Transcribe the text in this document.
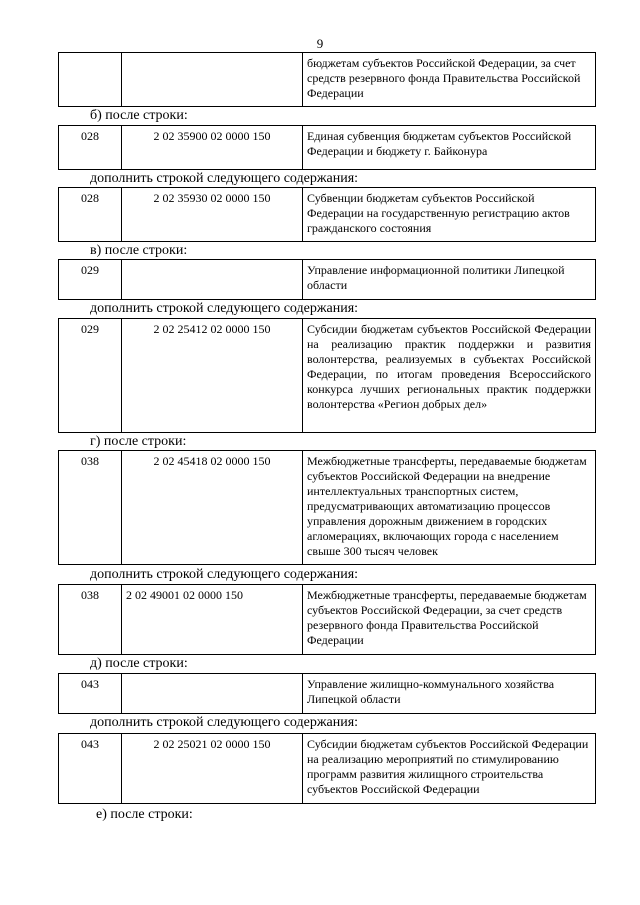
9
		бюджетам субъектов Российской Федерации, за счет средств резервного фонда Правительства Российской Федерации
б) после строки:
028	2 02 35900 02 0000 150	Единая субвенция бюджетам субъектов Российской Федерации и бюджету г. Байконура
дополнить строкой следующего содержания:
028	2 02 35930 02 0000 150	Субвенции бюджетам субъектов Российской Федерации на государственную регистрацию актов гражданского состояния
в) после строки:
029		Управление информационной политики Липецкой области
дополнить строкой следующего содержания:
029	2 02 25412 02 0000 150	Субсидии бюджетам субъектов Российской Федерации на реализацию практик поддержки и развития волонтерства, реализуемых в субъектах Российской Федерации, по итогам проведения Всероссийского конкурса лучших региональных практик поддержки волонтерства «Регион добрых дел»
г) после строки:
038	2 02 45418 02 0000 150	Межбюджетные трансферты, передаваемые бюджетам субъектов Российской Федерации на внедрение интеллектуальных транспортных систем, предусматривающих автоматизацию процессов управления дорожным движением в городских агломерациях, включающих города с населением свыше 300 тысяч человек
дополнить строкой следующего содержания:
038	2 02 49001 02 0000 150	Межбюджетные трансферты, передаваемые бюджетам субъектов Российской Федерации, за счет средств резервного фонда Правительства Российской Федерации
д) после строки:
043		Управление жилищно-коммунального хозяйства Липецкой области
дополнить строкой следующего содержания:
043	2 02 25021 02 0000 150	Субсидии бюджетам субъектов Российской Федерации на реализацию мероприятий по стимулированию программ развития жилищного строительства субъектов Российской Федерации
е) после строки:
